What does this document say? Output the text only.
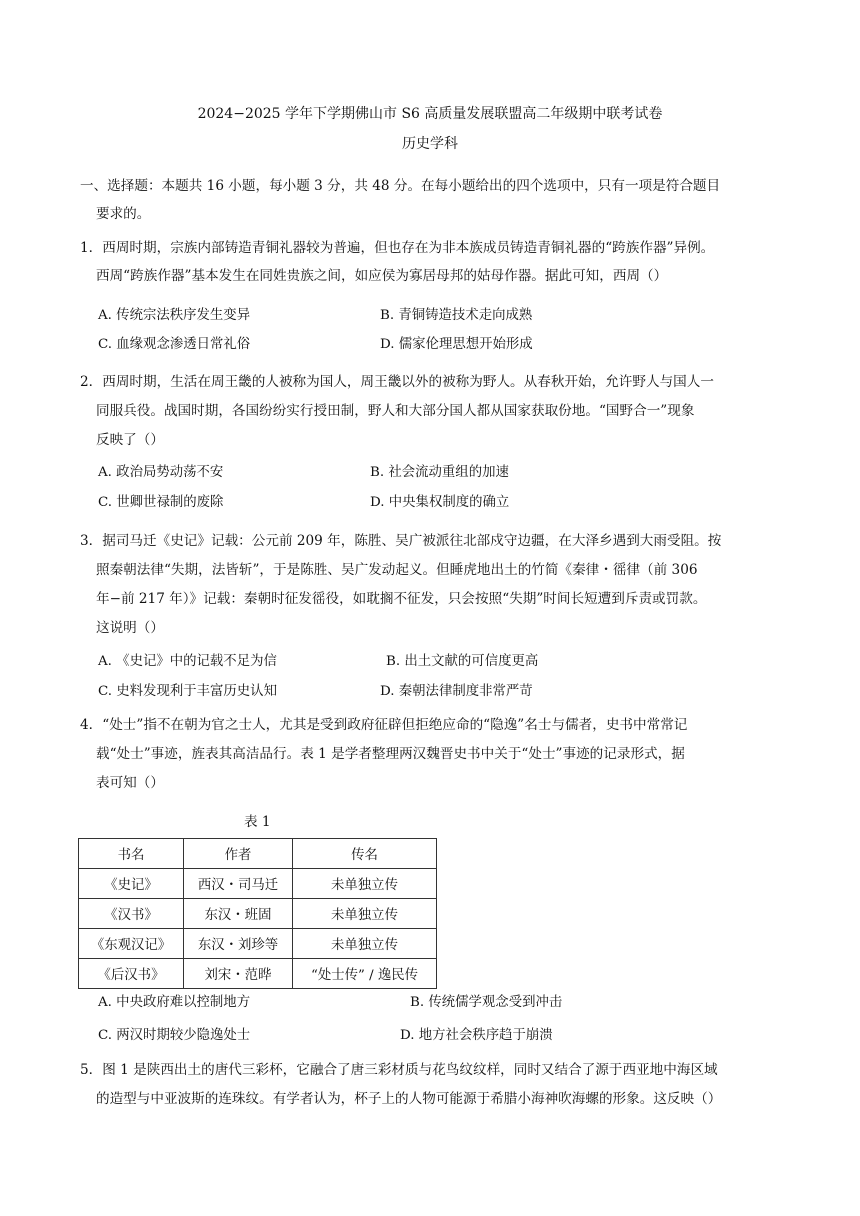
2024−2025 学年下学期佛山市 S6 高质量发展联盟高二年级期中联考试卷
历史学科
一、选择题：本题共 16 小题，每小题 3 分，共 48 分。在每小题给出的四个选项中，只有一项是符合题目
要求的。
1．西周时期，宗族内部铸造青铜礼器较为普遍，但也存在为非本族成员铸造青铜礼器的“跨族作器”异例。
西周“跨族作器”基本发生在同姓贵族之间，如应侯为寡居母邦的姑母作器。据此可知，西周（）
A. 传统宗法秩序发生变异	B. 青铜铸造技术走向成熟
C. 血缘观念渗透日常礼俗	D. 儒家伦理思想开始形成
2．西周时期，生活在周王畿的人被称为国人，周王畿以外的被称为野人。从春秋开始，允许野人与国人一
同服兵役。战国时期，各国纷纷实行授田制，野人和大部分国人都从国家获取份地。“国野合一”现象
反映了（）
A. 政治局势动荡不安	B. 社会流动重组的加速
C. 世卿世禄制的废除	D. 中央集权制度的确立
3．据司马迁《史记》记载：公元前 209 年，陈胜、吴广被派往北部戍守边疆，在大泽乡遇到大雨受阻。按
照秦朝法律“失期，法皆斩”，于是陈胜、吴广发动起义。但睡虎地出土的竹简《秦律・徭律（前 306
年−前 217 年）》记载：秦朝时征发徭役，如耽搁不征发，只会按照“失期”时间长短遭到斥责或罚款。
这说明（）
A. 《史记》中的记载不足为信	B. 出土文献的可信度更高
C. 史料发现利于丰富历史认知	D. 秦朝法律制度非常严苛
4．“处士”指不在朝为官之士人，尤其是受到政府征辟但拒绝应命的“隐逸”名士与儒者，史书中常常记
载“处士”事迹，旌表其高洁品行。表 1 是学者整理两汉魏晋史书中关于“处士”事迹的记录形式，据
表可知（）
表 1
书名	作者	传名
《史记》	西汉・司马迁	未单独立传
《汉书》	东汉・班固	未单独立传
《东观汉记》	东汉・刘珍等	未单独立传
《后汉书》	刘宋・范晔	“处士传” / 逸民传
A. 中央政府难以控制地方	B. 传统儒学观念受到冲击
C. 两汉时期较少隐逸处士	D. 地方社会秩序趋于崩溃
5．图 1 是陕西出土的唐代三彩杯，它融合了唐三彩材质与花鸟纹纹样，同时又结合了源于西亚地中海区域
的造型与中亚波斯的连珠纹。有学者认为，杯子上的人物可能源于希腊小海神吹海螺的形象。这反映（）
